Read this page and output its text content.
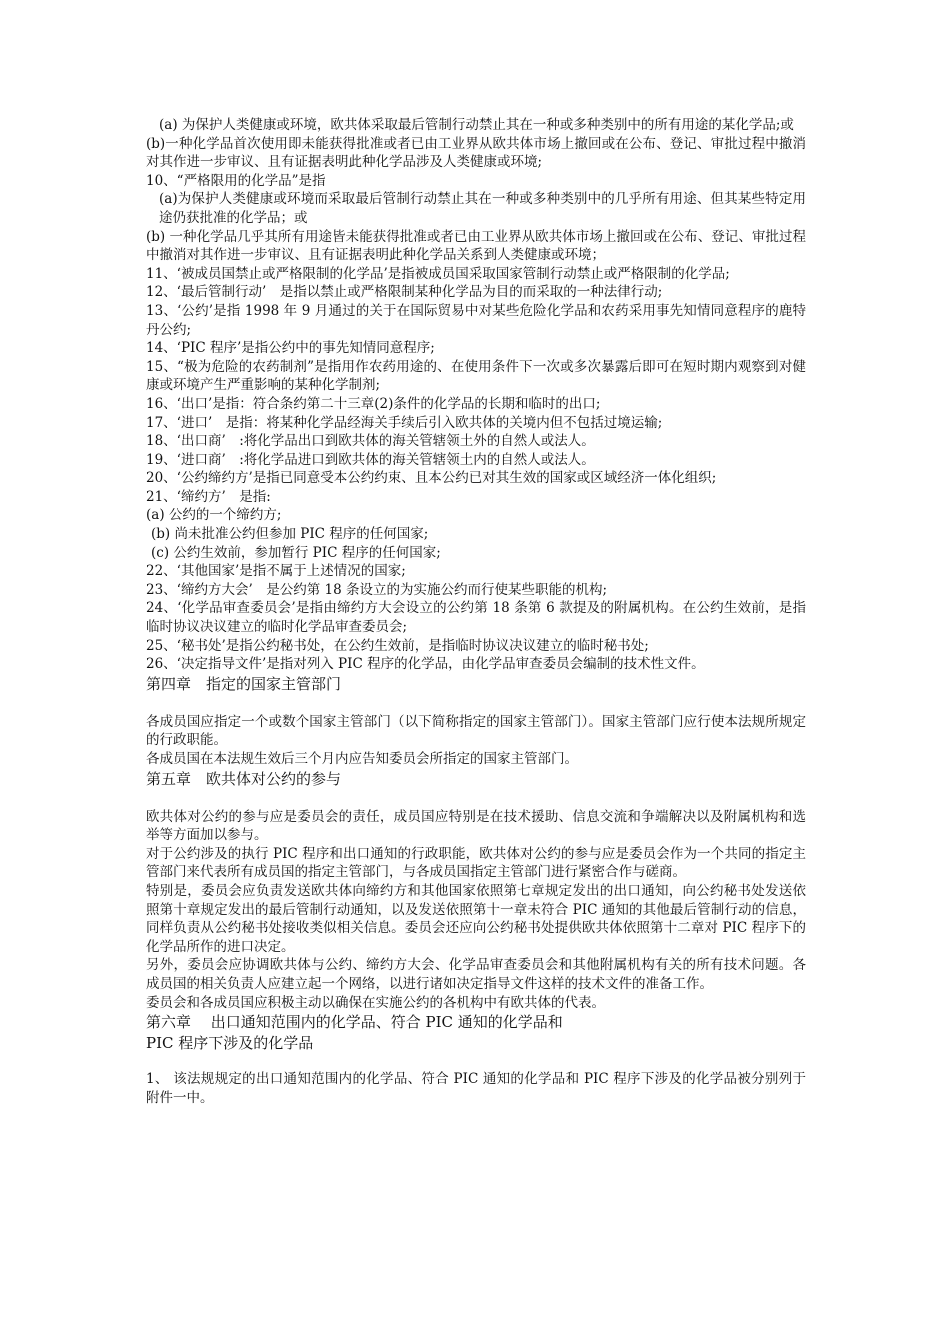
(a) 为保护人类健康或环境，欧共体采取最后管制行动禁止其在一种或多种类别中的所有用途的某化学品;或

(b)一种化学品首次使用即未能获得批准或者已由工业界从欧共体市场上撤回或在公布、登记、审批过程中撤消对其作进一步审议、且有证据表明此种化学品涉及人类健康或环境;

10、“严格限用的化学品”是指

(a)为保护人类健康或环境而采取最后管制行动禁止其在一种或多种类别中的几乎所有用途、但其某些特定用途仍获批准的化学品；或

(b) 一种化学品几乎其所有用途皆未能获得批准或者已由工业界从欧共体市场上撤回或在公布、登记、审批过程中撤消对其作进一步审议、且有证据表明此种化学品关系到人类健康或环境；

11、‘被成员国禁止或严格限制的化学品’是指被成员国采取国家管制行动禁止或严格限制的化学品;

12、‘最后管制行动’　是指以禁止或严格限制某种化学品为目的而采取的一种法律行动;

13、‘公约’是指 1998 年 9 月通过的关于在国际贸易中对某些危险化学品和农药采用事先知情同意程序的鹿特丹公约;

14、‘PIC 程序’是指公约中的事先知情同意程序;

15、“极为危险的农药制剂”是指用作农药用途的、在使用条件下一次或多次暴露后即可在短时期内观察到对健康或环境产生严重影响的某种化学制剂;

16、‘出口’是指：符合条约第二十三章(2)条件的化学品的长期和临时的出口;

17、‘进口’　是指：将某种化学品经海关手续后引入欧共体的关境内但不包括过境运输;

18、‘出口商’　:将化学品出口到欧共体的海关管辖领土外的自然人或法人。

19、‘进口商’　:将化学品进口到欧共体的海关管辖领土内的自然人或法人。

20、‘公约缔约方’是指已同意受本公约约束、且本公约已对其生效的国家或区域经济一体化组织;

21、‘缔约方’　是指:

(a) 公约的一个缔约方;

(b) 尚未批准公约但参加 PIC 程序的任何国家;

(c) 公约生效前，参加暂行 PIC 程序的任何国家;

22、‘其他国家’是指不属于上述情况的国家;

23、‘缔约方大会’　是公约第 18 条设立的为实施公约而行使某些职能的机构;

24、‘化学品审查委员会’是指由缔约方大会设立的公约第 18 条第 6 款提及的附属机构。在公约生效前，是指临时协议决议建立的临时化学品审查委员会;

25、‘秘书处’是指公约秘书处，在公约生效前，是指临时协议决议建立的临时秘书处;

26、‘决定指导文件’是指对列入 PIC 程序的化学品，由化学品审查委员会编制的技术性文件。

第四章　指定的国家主管部门

各成员国应指定一个或数个国家主管部门（以下简称指定的国家主管部门）。国家主管部门应行使本法规所规定的行政职能。

各成员国在本法规生效后三个月内应告知委员会所指定的国家主管部门。

第五章　欧共体对公约的参与

欧共体对公约的参与应是委员会的责任，成员国应特别是在技术援助、信息交流和争端解决以及附属机构和选举等方面加以参与。

对于公约涉及的执行 PIC 程序和出口通知的行政职能，欧共体对公约的参与应是委员会作为一个共同的指定主管部门来代表所有成员国的指定主管部门，与各成员国指定主管部门进行紧密合作与磋商。

特别是，委员会应负责发送欧共体向缔约方和其他国家依照第七章规定发出的出口通知，向公约秘书处发送依照第十章规定发出的最后管制行动通知，以及发送依照第十一章未符合 PIC 通知的其他最后管制行动的信息，同样负责从公约秘书处接收类似相关信息。委员会还应向公约秘书处提供欧共体依照第十二章对 PIC 程序下的化学品所作的进口决定。

另外，委员会应协调欧共体与公约、缔约方大会、化学品审查委员会和其他附属机构有关的所有技术问题。各成员国的相关负责人应建立起一个网络，以进行诸如决定指导文件这样的技术文件的准备工作。

委员会和各成员国应积极主动以确保在实施公约的各机构中有欧共体的代表。

第六章　 出口通知范围内的化学品、符合 PIC 通知的化学品和

PIC 程序下涉及的化学品

1、 该法规规定的出口通知范围内的化学品、符合 PIC 通知的化学品和 PIC 程序下涉及的化学品被分别列于附件一中。
